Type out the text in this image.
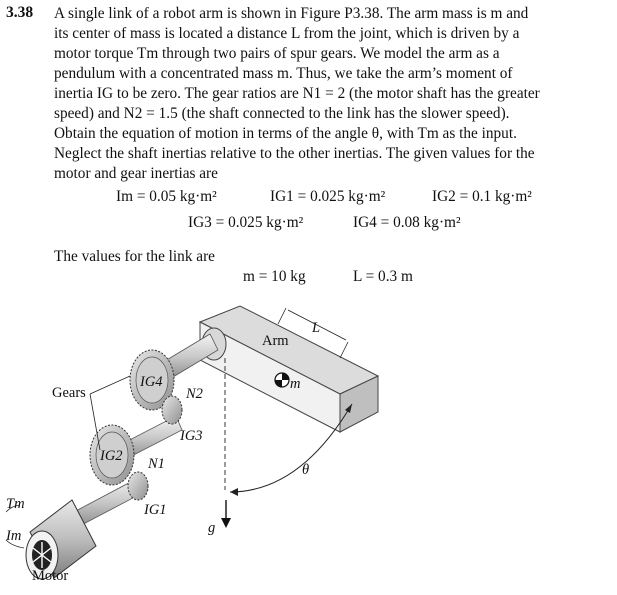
3.38 A single link of a robot arm is shown in Figure P3.38. The arm mass is m and

its center of mass is located a distance L from the joint, which is driven by a

motor torque Tm through two pairs of spur gears. We model the arm as a

pendulum with a concentrated mass m. Thus, we take the arm’s moment of

inertia IG to be zero. The gear ratios are N1 = 2 (the motor shaft has the greater

speed) and N2 = 1.5 (the shaft connected to the link has the slower speed).

Obtain the equation of motion in terms of the angle θ, with Tm as the input.

Neglect the shaft inertias relative to the other inertias. The given values for the

motor and gear inertias are

Im = 0.05 kg·m²	IG1 = 0.025 kg·m²	IG2 = 0.1 kg·m²
IG3 = 0.025 kg·m²	IG4 = 0.08 kg·m²
The values for the link are
m = 10 kg	L = 0.3 m
Arm
L
m
θ
Gears
IG4
N2
IG3
IG2 N1
IG1
g
Tm
Im
Motor
